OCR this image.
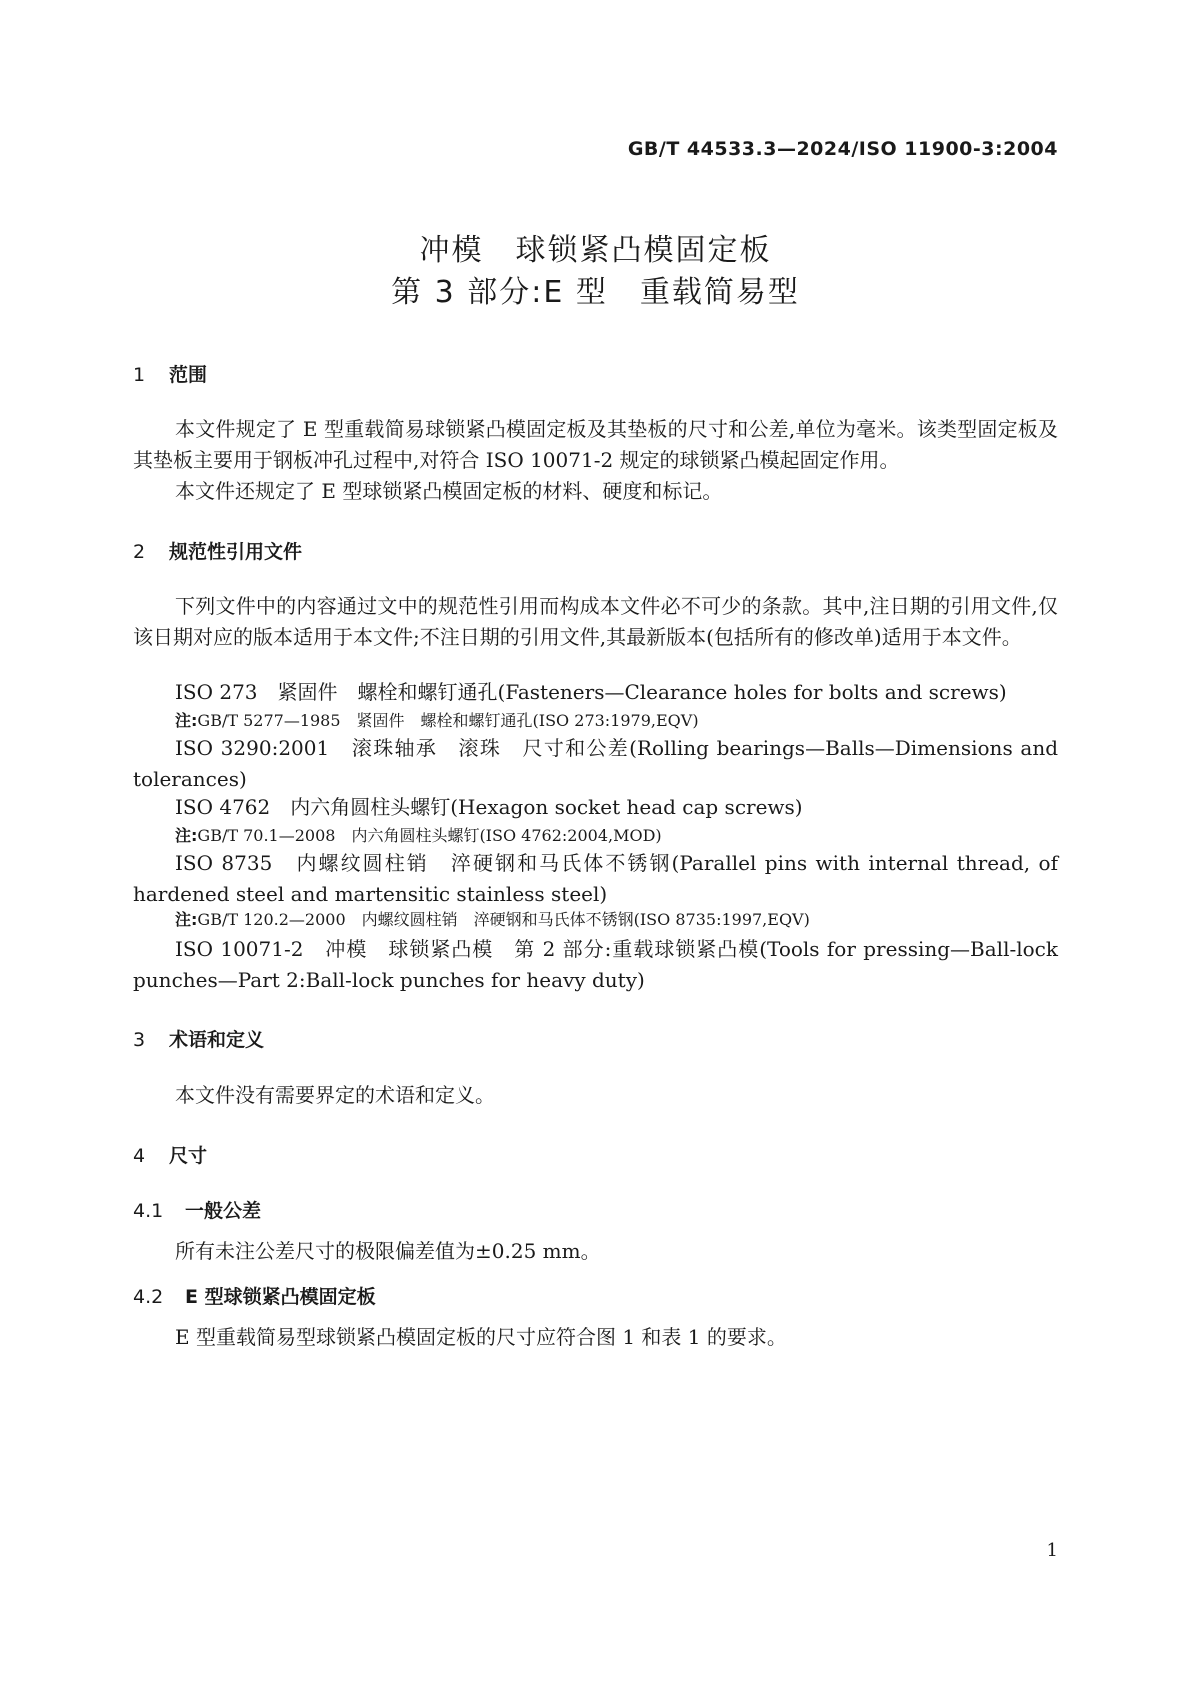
GB/T 44533.3—2024/ISO 11900-3:2004
冲模　球锁紧凸模固定板
第 3 部分:E 型　重载简易型
1 范围
本文件规定了 E 型重载简易球锁紧凸模固定板及其垫板的尺寸和公差,单位为毫米。该类型固定板及其垫板主要用于钢板冲孔过程中,对符合 ISO 10071-2 规定的球锁紧凸模起固定作用。
本文件还规定了 E 型球锁紧凸模固定板的材料、硬度和标记。
2 规范性引用文件
下列文件中的内容通过文中的规范性引用而构成本文件必不可少的条款。其中,注日期的引用文件,仅该日期对应的版本适用于本文件;不注日期的引用文件,其最新版本(包括所有的修改单)适用于本文件。
ISO 273　紧固件　螺栓和螺钉通孔(Fasteners—Clearance holes for bolts and screws)
注:GB/T 5277—1985　紧固件　螺栓和螺钉通孔(ISO 273:1979,EQV)
ISO 3290:2001　滚珠轴承　滚珠　尺寸和公差(Rolling bearings—Balls—Dimensions and tolerances)
ISO 4762　内六角圆柱头螺钉(Hexagon socket head cap screws)
注:GB/T 70.1—2008　内六角圆柱头螺钉(ISO 4762:2004,MOD)
ISO 8735　内螺纹圆柱销　淬硬钢和马氏体不锈钢(Parallel pins with internal thread, of hardened steel and martensitic stainless steel)
注:GB/T 120.2—2000　内螺纹圆柱销　淬硬钢和马氏体不锈钢(ISO 8735:1997,EQV)
ISO 10071-2　冲模　球锁紧凸模　第 2 部分:重载球锁紧凸模(Tools for pressing—Ball-lock punches—Part 2:Ball-lock punches for heavy duty)
3 术语和定义
本文件没有需要界定的术语和定义。
4 尺寸
4.1 一般公差
所有未注公差尺寸的极限偏差值为±0.25 mm。
4.2 E 型球锁紧凸模固定板
E 型重载简易型球锁紧凸模固定板的尺寸应符合图 1 和表 1 的要求。
1
